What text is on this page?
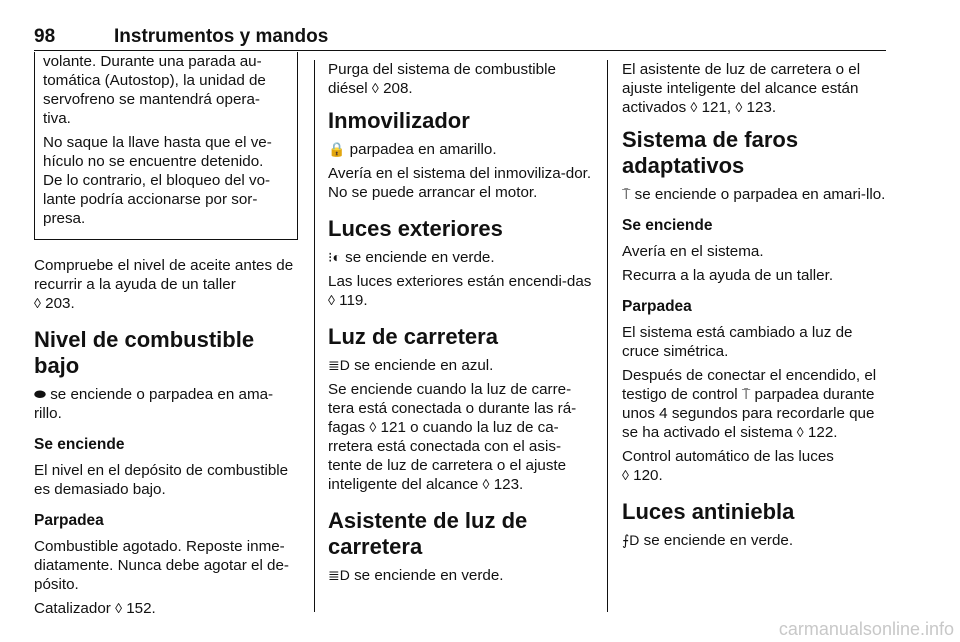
98	Instrumentos y mandos

volante. Durante una parada au-tomática (Autostop), la unidad de servofreno se mantendrá opera-tiva.

No saque la llave hasta que el ve-hículo no se encuentre detenido. De lo contrario, el bloqueo del vo-lante podría accionarse por sor-presa.

Compruebe el nivel de aceite antes de recurrir a la ayuda de un taller
◊ 203.

Nivel de combustible bajo

⬬ se enciende o parpadea en ama-rillo.

Se enciende

El nivel en el depósito de combustible es demasiado bajo.

Parpadea

Combustible agotado. Reposte inme-diatamente. Nunca debe agotar el de-pósito.

Catalizador ◊ 152.

Purga del sistema de combustible diésel ◊ 208.

Inmovilizador

🔒 parpadea en amarillo.

Avería en el sistema del inmoviliza-dor. No se puede arrancar el motor.

Luces exteriores

⁝◐ se enciende en verde.

Las luces exteriores están encendi-das ◊ 119.

Luz de carretera

≣D se enciende en azul.

Se enciende cuando la luz de carre-tera está conectada o durante las rá-fagas ◊ 121 o cuando la luz de ca-rretera está conectada con el asis-tente de luz de carretera o el ajuste inteligente del alcance ◊ 123.

Asistente de luz de carretera

≣D se enciende en verde.

El asistente de luz de carretera o el ajuste inteligente del alcance están activados ◊ 121, ◊ 123.

Sistema de faros adaptativos

⍑ se enciende o parpadea en amari-llo.

Se enciende

Avería en el sistema.

Recurra a la ayuda de un taller.

Parpadea

El sistema está cambiado a luz de cruce simétrica.

Después de conectar el encendido, el testigo de control ⍑ parpadea durante unos 4 segundos para recordarle que se ha activado el sistema ◊ 122.

Control automático de las luces
◊ 120.

Luces antiniebla

⨍D se enciende en verde.

carmanualsonline.info
